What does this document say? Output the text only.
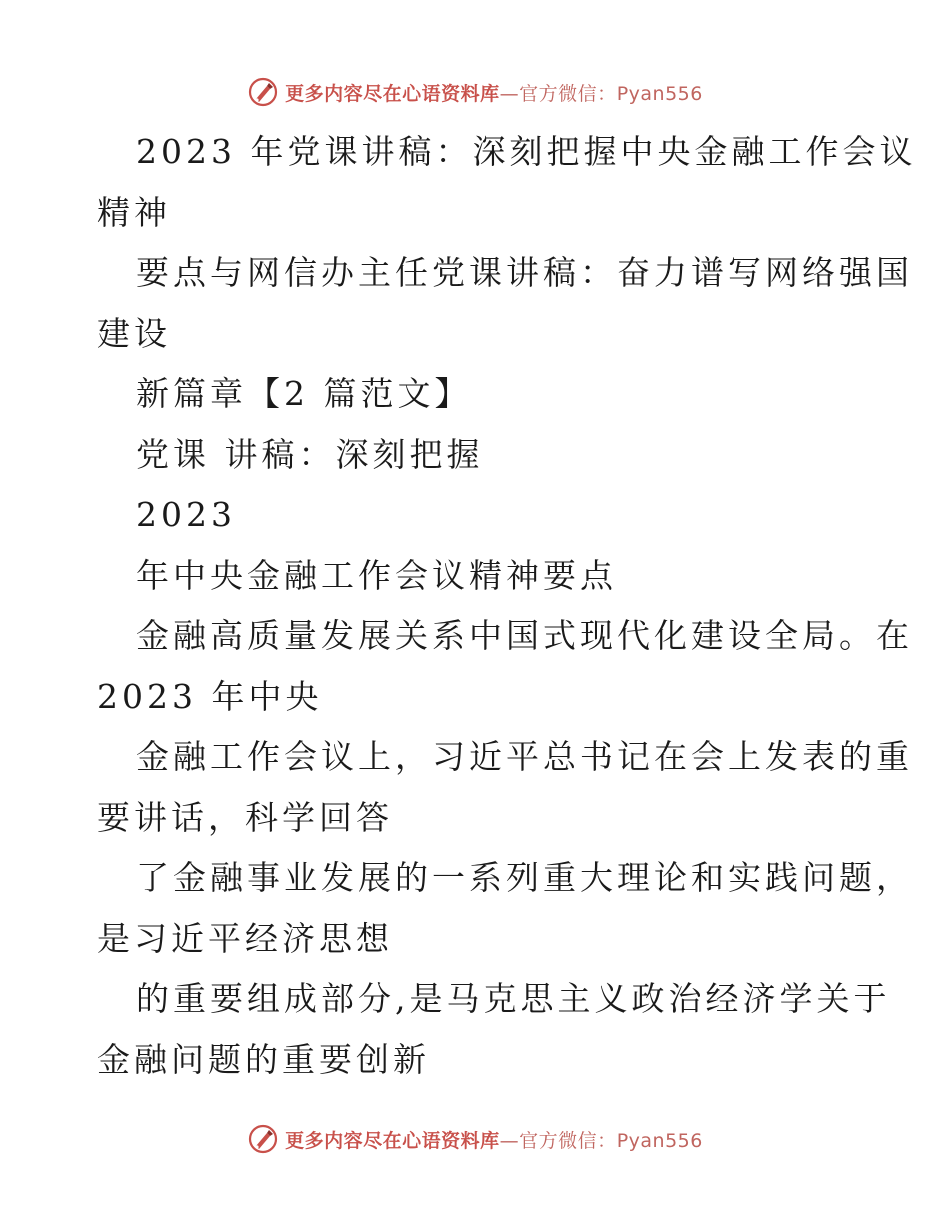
更多内容尽在心语资料库—官方微信：Pyan556
2023 年党课讲稿：深刻把握中央金融工作会议
精神
要点与网信办主任党课讲稿：奋力谱写网络强国
建设
新篇章【2 篇范文】
党课 讲稿：深刻把握
2023
年中央金融工作会议精神要点
金融高质量发展关系中国式现代化建设全局。在
2023 年中央
金融工作会议上，习近平总书记在会上发表的重
要讲话，科学回答
了金融事业发展的一系列重大理论和实践问题，
是习近平经济思想
的重要组成部分,是马克思主义政治经济学关于
金融问题的重要创新
更多内容尽在心语资料库—官方微信：Pyan556
